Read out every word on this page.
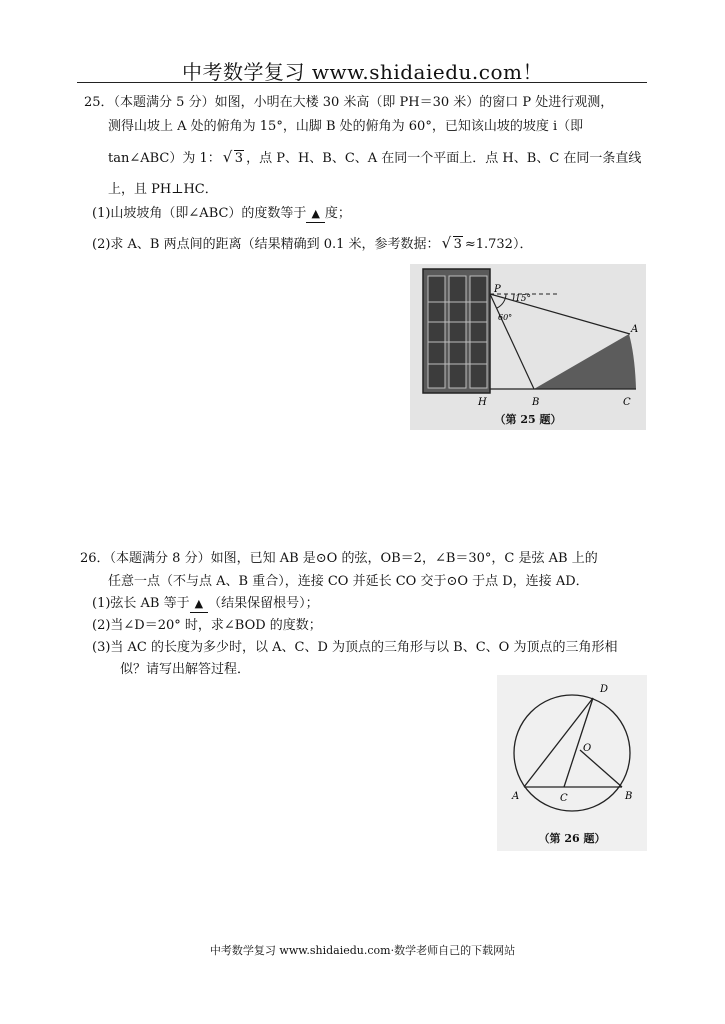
中考数学复习 www.shidaiedu.com！
25．（本题满分 5 分）如图，小明在大楼 30 米高（即 PH＝30 米）的窗口 P 处进行观测，
测得山坡上 A 处的俯角为 15°，山脚 B 处的俯角为 60°，已知该山坡的坡度 i（即
tan∠ABC）为 1： √ 3 ，点 P、H、B、C、A 在同一个平面上．点 H、B、C 在同一条直线
上，且 PH⊥HC．
(1)山坡坡角（即∠ABC）的度数等于 ▲ 度；
(2)求 A、B 两点间的距离（结果精确到 0.1 米，参考数据： √ 3 ≈1.732）．
P
15°
60°
A
H	B	C
（第 25 题）
26．（本题满分 8 分）如图，已知 AB 是⊙O 的弦，OB＝2，∠B＝30°，C 是弦 AB 上的
任意一点（不与点 A、B 重合），连接 CO 并延长 CO 交于⊙O 于点 D，连接 AD．
(1)弦长 AB 等于 ▲ （结果保留根号）；
(2)当∠D＝20° 时，求∠BOD 的度数；
(3)当 AC 的长度为多少时，以 A、C、D 为顶点的三角形与以 B、C、O 为顶点的三角形相
似？请写出解答过程．
D
O
A	C	B
（第 26 题）
中考数学复习 www.shidaiedu.com·数学老师自己的下载网站
